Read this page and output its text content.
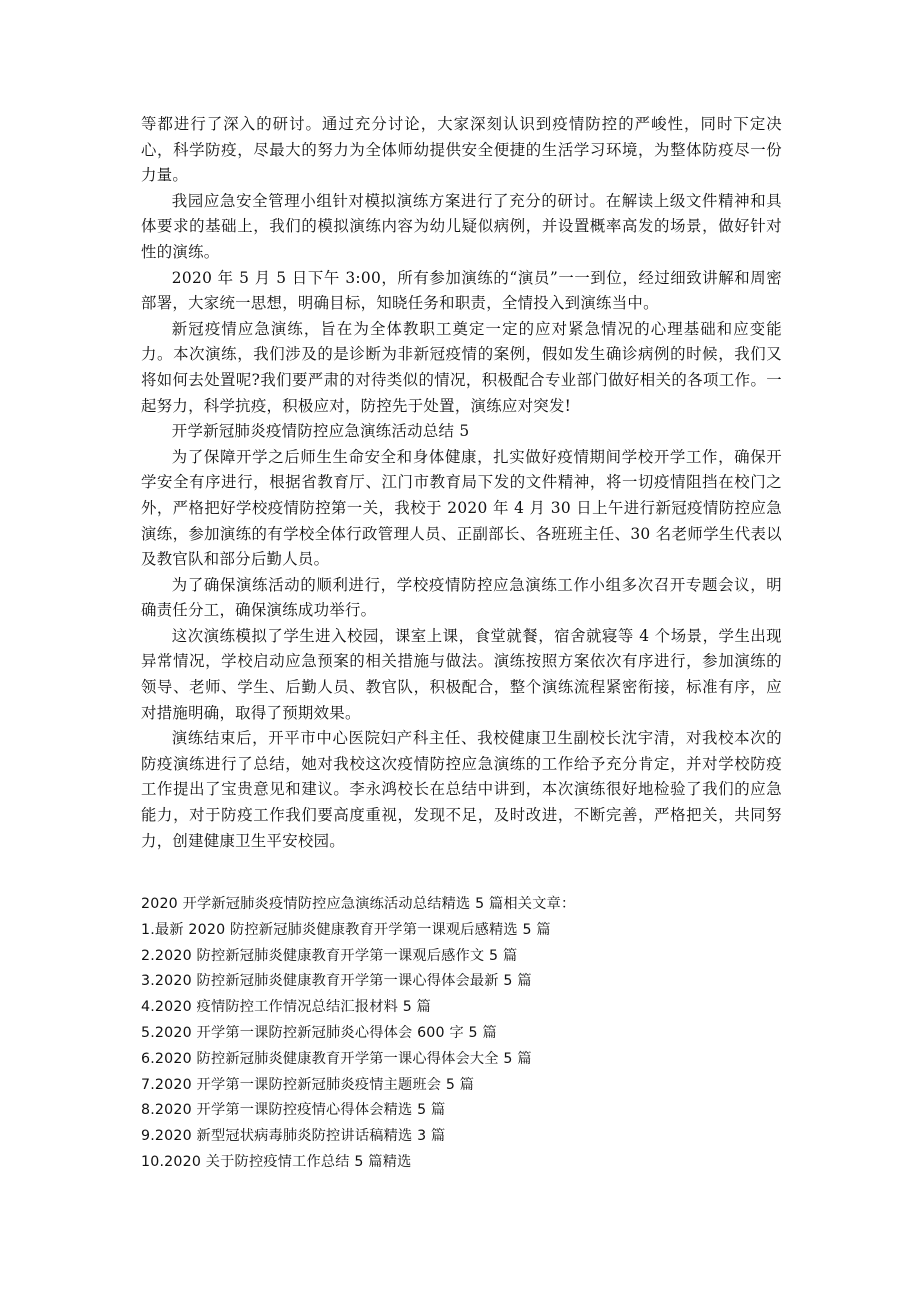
等都进行了深入的研讨。通过充分讨论，大家深刻认识到疫情防控的严峻性，同时下定决心，科学防疫，尽最大的努力为全体师幼提供安全便捷的生活学习环境，为整体防疫尽一份力量。

我园应急安全管理小组针对模拟演练方案进行了充分的研讨。在解读上级文件精神和具体要求的基础上，我们的模拟演练内容为幼儿疑似病例，并设置概率高发的场景，做好针对性的演练。

2020 年 5 月 5 日下午 3:00，所有参加演练的“演员”一一到位，经过细致讲解和周密部署，大家统一思想，明确目标，知晓任务和职责，全情投入到演练当中。

新冠疫情应急演练，旨在为全体教职工奠定一定的应对紧急情况的心理基础和应变能力。本次演练，我们涉及的是诊断为非新冠疫情的案例，假如发生确诊病例的时候，我们又将如何去处置呢?我们要严肃的对待类似的情况，积极配合专业部门做好相关的各项工作。一起努力，科学抗疫，积极应对，防控先于处置，演练应对突发!

开学新冠肺炎疫情防控应急演练活动总结 5

为了保障开学之后师生生命安全和身体健康，扎实做好疫情期间学校开学工作，确保开学安全有序进行，根据省教育厅、江门市教育局下发的文件精神，将一切疫情阻挡在校门之外，严格把好学校疫情防控第一关，我校于 2020 年 4 月 30 日上午进行新冠疫情防控应急演练，参加演练的有学校全体行政管理人员、正副部长、各班班主任、30 名老师学生代表以及教官队和部分后勤人员。

为了确保演练活动的顺利进行，学校疫情防控应急演练工作小组多次召开专题会议，明确责任分工，确保演练成功举行。

这次演练模拟了学生进入校园，课室上课，食堂就餐，宿舍就寝等 4 个场景，学生出现异常情况，学校启动应急预案的相关措施与做法。演练按照方案依次有序进行，参加演练的领导、老师、学生、后勤人员、教官队，积极配合，整个演练流程紧密衔接，标准有序，应对措施明确，取得了预期效果。

演练结束后，开平市中心医院妇产科主任、我校健康卫生副校长沈宇清，对我校本次的防疫演练进行了总结，她对我校这次疫情防控应急演练的工作给予充分肯定，并对学校防疫工作提出了宝贵意见和建议。李永鸿校长在总结中讲到，本次演练很好地检验了我们的应急能力，对于防疫工作我们要高度重视，发现不足，及时改进，不断完善，严格把关，共同努力，创建健康卫生平安校园。

2020 开学新冠肺炎疫情防控应急演练活动总结精选 5 篇相关文章：

1.最新 2020 防控新冠肺炎健康教育开学第一课观后感精选 5 篇
2.2020 防控新冠肺炎健康教育开学第一课观后感作文 5 篇
3.2020 防控新冠肺炎健康教育开学第一课心得体会最新 5 篇
4.2020 疫情防控工作情况总结汇报材料 5 篇
5.2020 开学第一课防控新冠肺炎心得体会 600 字 5 篇
6.2020 防控新冠肺炎健康教育开学第一课心得体会大全 5 篇
7.2020 开学第一课防控新冠肺炎疫情主题班会 5 篇
8.2020 开学第一课防控疫情心得体会精选 5 篇
9.2020 新型冠状病毒肺炎防控讲话稿精选 3 篇
10.2020 关于防控疫情工作总结 5 篇精选
